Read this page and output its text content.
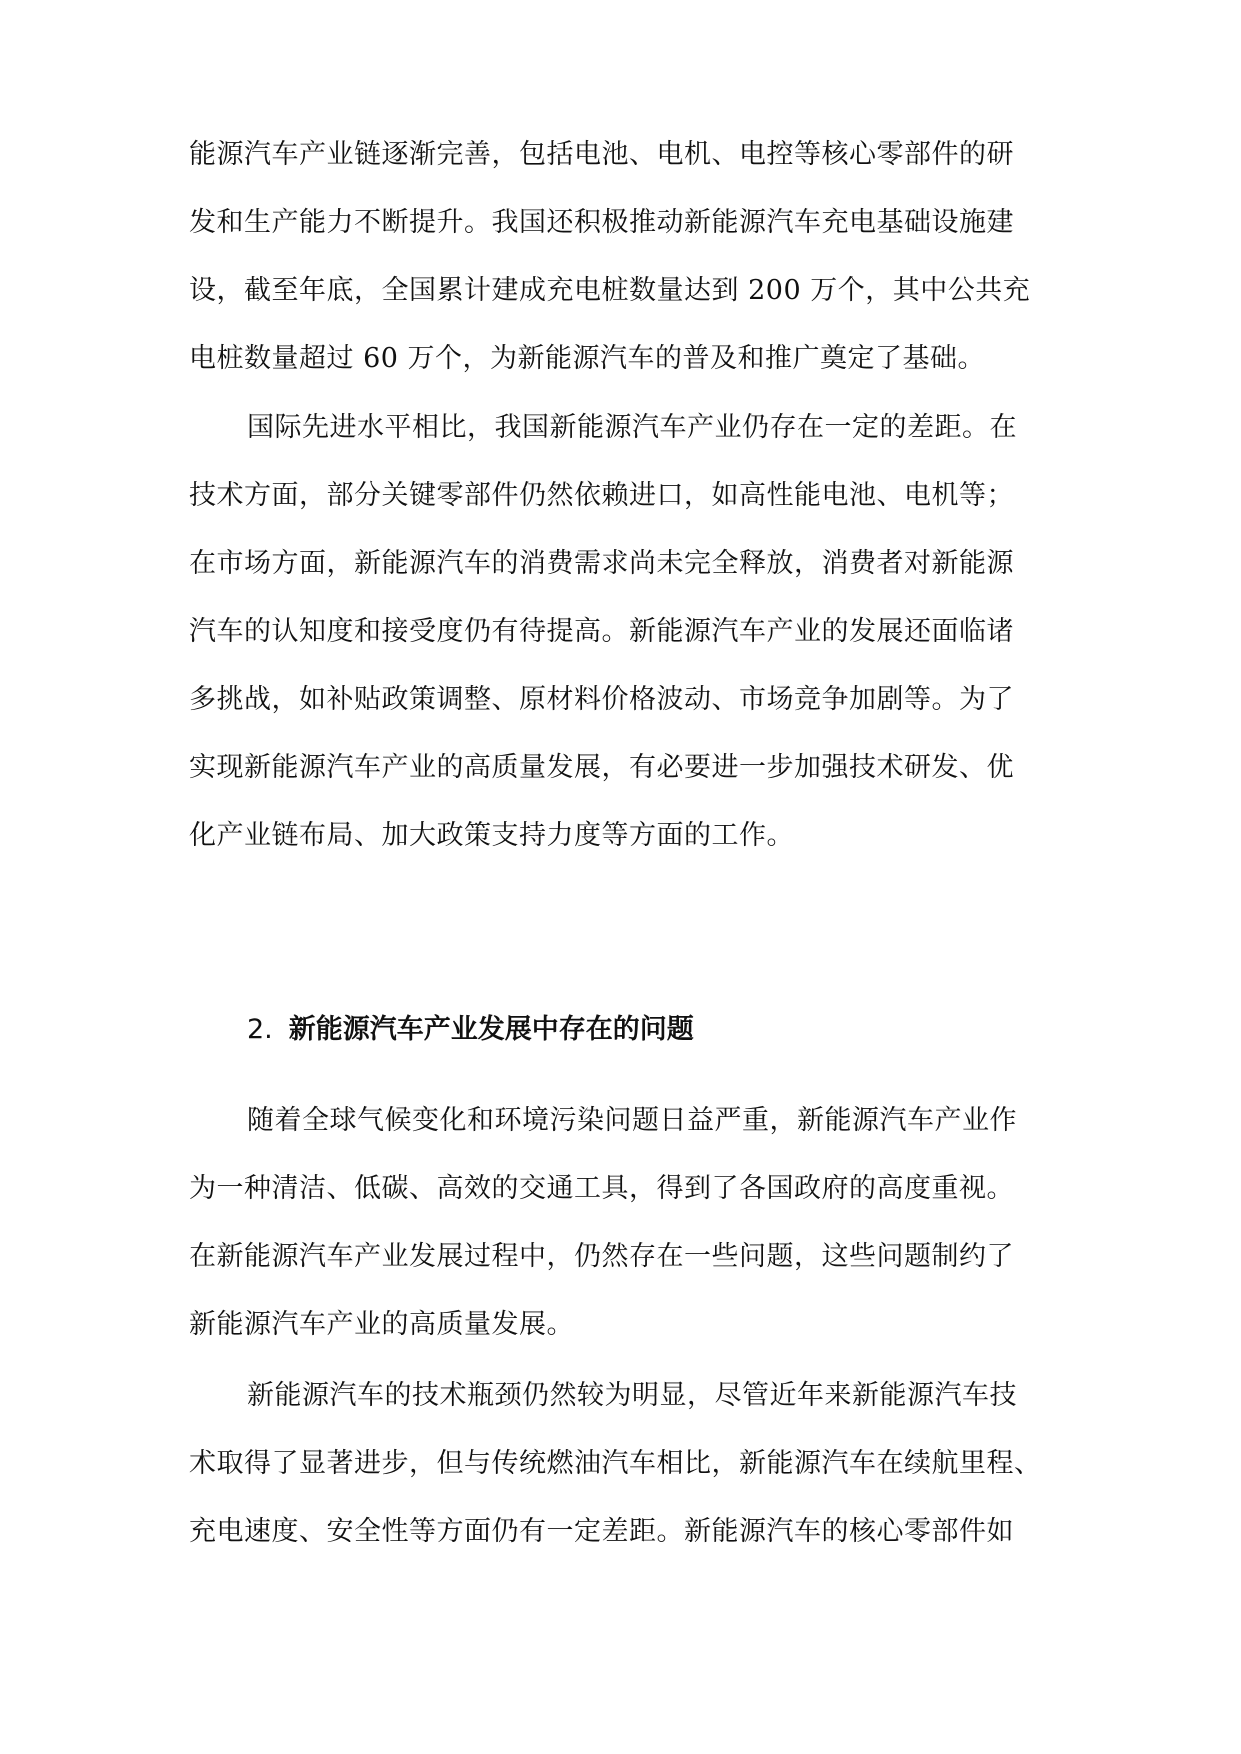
能源汽车产业链逐渐完善，包括电池、电机、电控等核心零部件的研
发和生产能力不断提升。我国还积极推动新能源汽车充电基础设施建
设，截至年底，全国累计建成充电桩数量达到 200 万个，其中公共充
电桩数量超过 60 万个，为新能源汽车的普及和推广奠定了基础。

国际先进水平相比，我国新能源汽车产业仍存在一定的差距。在
技术方面，部分关键零部件仍然依赖进口，如高性能电池、电机等；
在市场方面，新能源汽车的消费需求尚未完全释放，消费者对新能源
汽车的认知度和接受度仍有待提高。新能源汽车产业的发展还面临诸
多挑战，如补贴政策调整、原材料价格波动、市场竞争加剧等。为了
实现新能源汽车产业的高质量发展，有必要进一步加强技术研发、优
化产业链布局、加大政策支持力度等方面的工作。

2. 新能源汽车产业发展中存在的问题

随着全球气候变化和环境污染问题日益严重，新能源汽车产业作
为一种清洁、低碳、高效的交通工具，得到了各国政府的高度重视。
在新能源汽车产业发展过程中，仍然存在一些问题，这些问题制约了
新能源汽车产业的高质量发展。

新能源汽车的技术瓶颈仍然较为明显，尽管近年来新能源汽车技
术取得了显著进步，但与传统燃油汽车相比，新能源汽车在续航里程、
充电速度、安全性等方面仍有一定差距。新能源汽车的核心零部件如
